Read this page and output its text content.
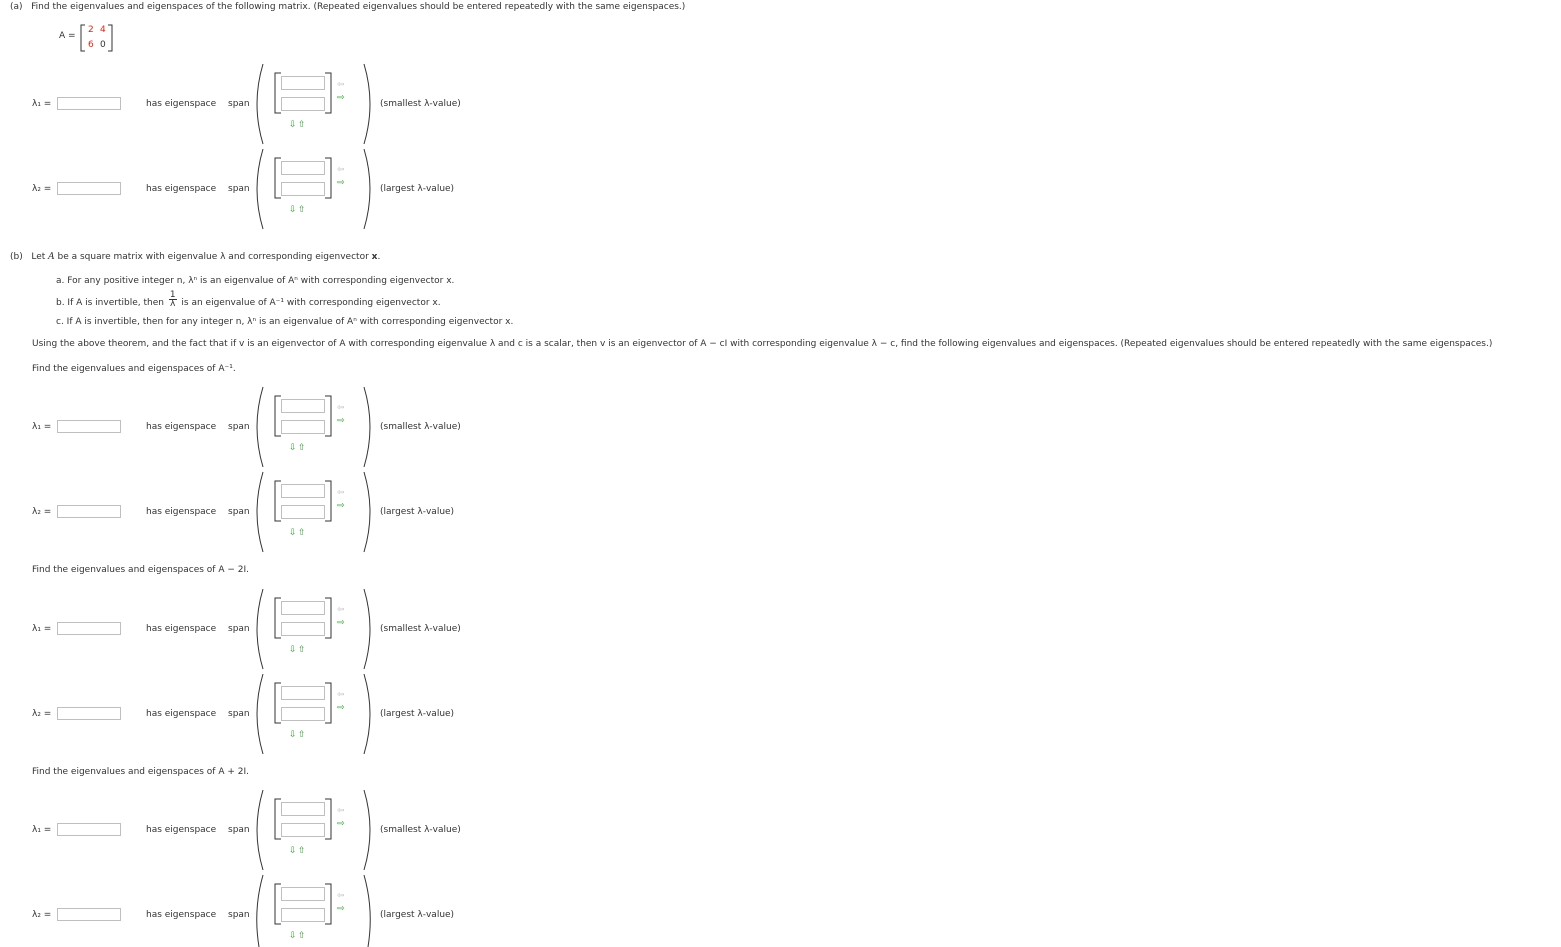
(a) Find the eigenvalues and eigenspaces of the following matrix. (Repeated eigenvalues should be entered repeatedly with the same eigenspaces.)
A =
2 4
6 0
λ₁ =	has eigenspace span
⇦
⇨
⇩ ⇧
(smallest λ-value)
λ₂ =	has eigenspace span
⇦
⇨
⇩ ⇧
(largest λ-value)
(b) Let A be a square matrix with eigenvalue λ and corresponding eigenvector x.
a. For any positive integer n, λⁿ is an eigenvalue of Aⁿ with corresponding eigenvector x.
b. If A is invertible, then $\frac{1}{\lambda}$ is an eigenvalue of A⁻¹ with corresponding eigenvector x.
c. If A is invertible, then for any integer n, λⁿ is an eigenvalue of Aⁿ with corresponding eigenvector x.
Using the above theorem, and the fact that if v is an eigenvector of A with corresponding eigenvalue λ and c is a scalar, then v is an eigenvector of A − cI with corresponding eigenvalue λ − c, find the following eigenvalues and eigenspaces. (Repeated eigenvalues should be entered repeatedly with the same eigenspaces.)
Find the eigenvalues and eigenspaces of A⁻¹.
λ₁ =	has eigenspace span
⇦
⇨
⇩ ⇧
(smallest λ-value)
λ₂ =	has eigenspace span
⇦
⇨
⇩ ⇧
(largest λ-value)
Find the eigenvalues and eigenspaces of A − 2I.
λ₁ =	has eigenspace span
⇦
⇨
⇩ ⇧
(smallest λ-value)
λ₂ =	has eigenspace span
⇦
⇨
⇩ ⇧
(largest λ-value)
Find the eigenvalues and eigenspaces of A + 2I.
λ₁ =	has eigenspace span
⇦
⇨
⇩ ⇧
(smallest λ-value)
λ₂ =	has eigenspace span
⇦
⇨
⇩ ⇧
(largest λ-value)
